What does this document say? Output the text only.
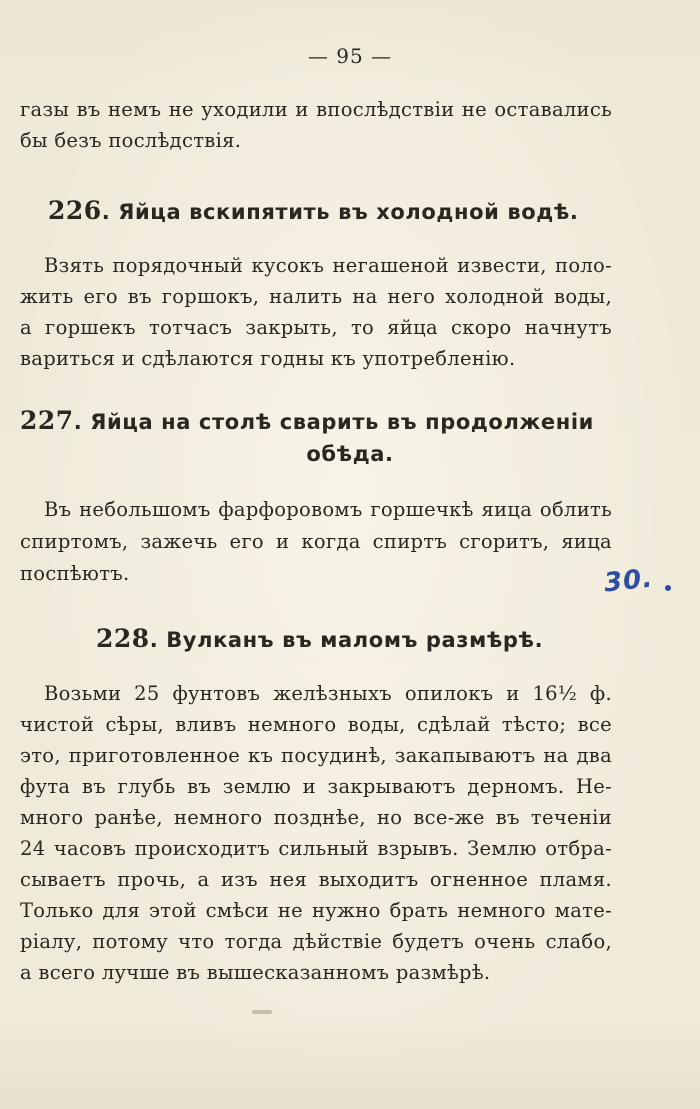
— 95 —
газы въ немъ не уходили и впослѣдствiи не оставались
бы безъ послѣдствiя.
226. Яйца вскипятить въ холодной водѣ.
Взять порядочный кусокъ негашеной извести, поло-
жить его въ горшокъ, налить на него холодной воды,
а горшекъ тотчасъ закрыть, то яйца скоро начнутъ
вариться и сдѣлаются годны къ употребленiю.
227. Яйца на столѣ сварить въ продолженiи
обѣда.
Въ небольшомъ фарфоровомъ горшечкѣ яица облить
спиртомъ, зажечь его и когда спиртъ сгоритъ, яица
поспѣютъ.	30.
228. Вулканъ въ маломъ размѣрѣ.
Возьми 25 фунтовъ желѣзныхъ опилокъ и 16½ ф.
чистой сѣры, вливъ немного воды, сдѣлай тѣсто; все
это, приготовленное къ посудинѣ, закапываютъ на два
фута въ глубь въ землю и закрываютъ дерномъ. Не-
много ранѣе, немного позднѣе, но все-же въ теченiи
24 часовъ происходитъ сильный взрывъ. Землю отбра-
сываетъ прочь, а изъ нея выходитъ огненное пламя.
Только для этой смѣси не нужно брать немного мате-
рiалу, потому что тогда дѣйствiе будетъ очень слабо,
а всего лучше въ вышесказанномъ размѣрѣ.
